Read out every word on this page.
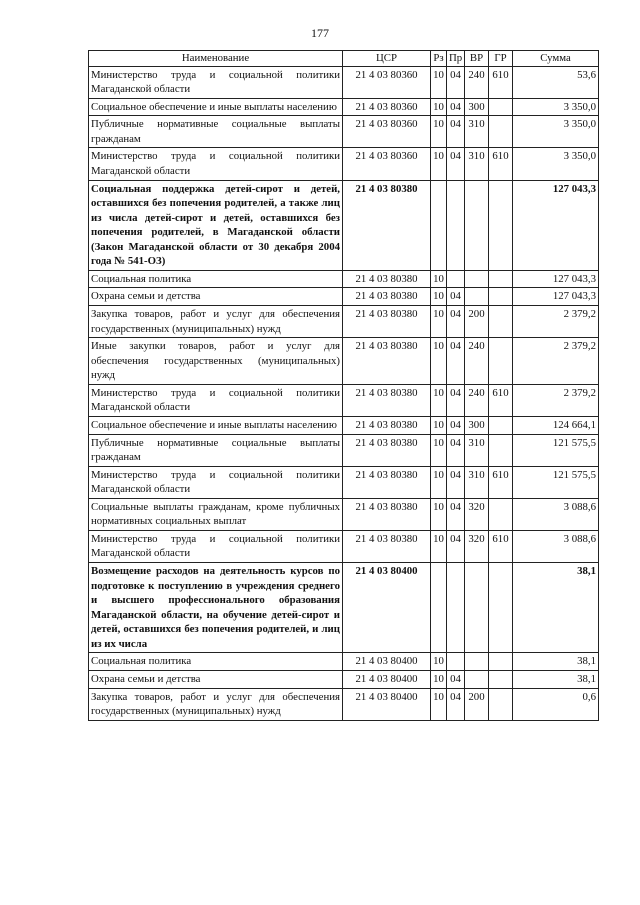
177
Наименование	ЦСР	Рз	Пр	ВР	ГР	Сумма
Министерство труда и социальной политики Магаданской области	21 4 03 80360	10	04	240	610	53,6
Социальное обеспечение и иные выплаты населению	21 4 03 80360	10	04	300		3 350,0
Публичные нормативные социальные выплаты гражданам	21 4 03 80360	10	04	310		3 350,0
Министерство труда и социальной политики Магаданской области	21 4 03 80360	10	04	310	610	3 350,0
Социальная поддержка детей-сирот и детей, оставшихся без попечения родителей, а также лиц из числа детей-сирот и детей, оставшихся без попечения родителей, в Магаданской области (Закон Магаданской области от 30 декабря 2004 года № 541-ОЗ)	21 4 03 80380					127 043,3
Социальная политика	21 4 03 80380	10				127 043,3
Охрана семьи и детства	21 4 03 80380	10	04			127 043,3
Закупка товаров, работ и услуг для обеспечения государственных (муниципальных) нужд	21 4 03 80380	10	04	200		2 379,2
Иные закупки товаров, работ и услуг для обеспечения государственных (муниципальных) нужд	21 4 03 80380	10	04	240		2 379,2
Министерство труда и социальной политики Магаданской области	21 4 03 80380	10	04	240	610	2 379,2
Социальное обеспечение и иные выплаты населению	21 4 03 80380	10	04	300		124 664,1
Публичные нормативные социальные выплаты гражданам	21 4 03 80380	10	04	310		121 575,5
Министерство труда и социальной политики Магаданской области	21 4 03 80380	10	04	310	610	121 575,5
Социальные выплаты гражданам, кроме публичных нормативных социальных выплат	21 4 03 80380	10	04	320		3 088,6
Министерство труда и социальной политики Магаданской области	21 4 03 80380	10	04	320	610	3 088,6
Возмещение расходов на деятельность курсов по подготовке к поступлению в учреждения среднего и высшего профессионального образования Магаданской области, на обучение детей-сирот и детей, оставшихся без попечения родителей, и лиц из их числа	21 4 03 80400					38,1
Социальная политика	21 4 03 80400	10				38,1
Охрана семьи и детства	21 4 03 80400	10	04			38,1
Закупка товаров, работ и услуг для обеспечения государственных (муниципальных) нужд	21 4 03 80400	10	04	200		0,6
